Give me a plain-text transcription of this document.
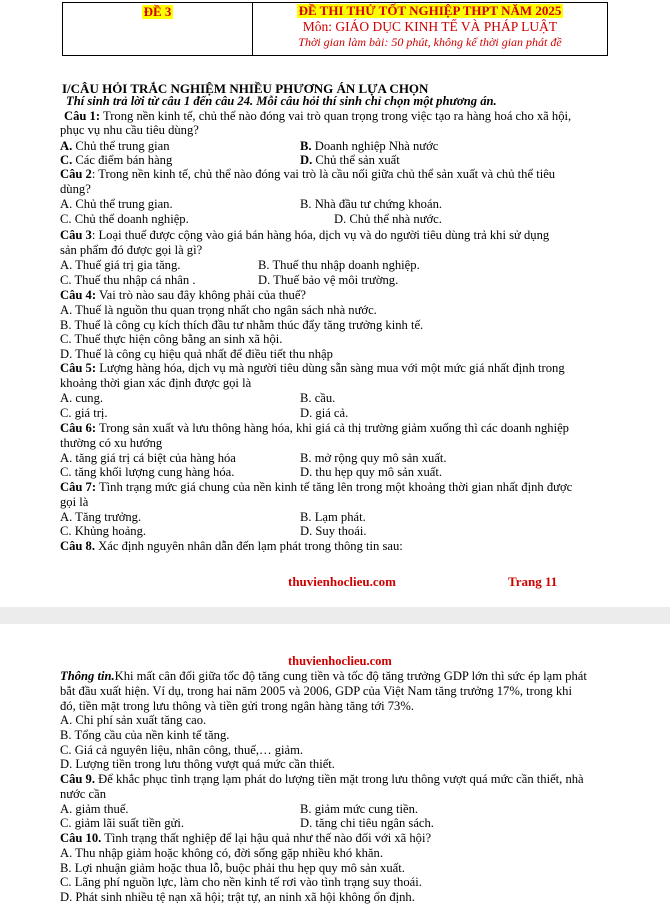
ĐỀ 3	ĐỀ THI THỬ TỐT NGHIỆP THPT NĂM 2025
Môn: GIÁO DỤC KINH TẾ VÀ PHÁP LUẬT
Thời gian làm bài: 50 phút, không kể thời gian phát đề
I/CÂU HỎI TRẮC NGHIỆM NHIỀU PHƯƠNG ÁN LỰA CHỌN
Thí sinh trả lời từ câu 1 đến câu 24. Mỗi câu hỏi thí sinh chỉ chọn một phương án.
Câu 1: Trong nền kinh tế, chủ thể nào đóng vai trò quan trọng trong việc tạo ra hàng hoá cho xã hội,
phục vụ nhu cầu tiêu dùng?
A. Chủ thể trung gian	B. Doanh nghiệp Nhà nước
C. Các điểm bán hàng	D. Chủ thể sản xuất
Câu 2: Trong nền kinh tế, chủ thể nào đóng vai trò là cầu nối giữa chủ thể sản xuất và chủ thể tiêu
dùng?
A. Chủ thể trung gian.	B. Nhà đầu tư chứng khoán.
C. Chủ thể doanh nghiệp.	D. Chủ thể nhà nước.
Câu 3: Loại thuế được cộng vào giá bán hàng hóa, dịch vụ và do người tiêu dùng trả khi sử dụng
sản phẩm đó được gọi là gì?
A. Thuế giá trị gia tăng.	B. Thuế thu nhập doanh nghiệp.
C. Thuế thu nhập cá nhân .	D. Thuế bảo vệ môi trường.
Câu 4: Vai trò nào sau đây không phải của thuế?
A. Thuế là nguồn thu quan trọng nhất cho ngân sách nhà nước.
B. Thuế là công cụ kích thích đầu tư nhằm thúc đẩy tăng trưởng kinh tế.
C. Thuế thực hiện công bằng an sinh xã hội.
D. Thuế là công cụ hiệu quả nhất để điều tiết thu nhập
Câu 5: Lượng hàng hóa, dịch vụ mà người tiêu dùng sẵn sàng mua với một mức giá nhất định trong
khoảng thời gian xác định được gọi là
A. cung.	B. cầu.
C. giá trị.	D. giá cả.
Câu 6: Trong sản xuất và lưu thông hàng hóa, khi giá cả thị trường giảm xuống thì các doanh nghiệp
thường có xu hướng
A. tăng giá trị cá biệt của hàng hóa	B. mở rộng quy mô sản xuất.
C. tăng khối lượng cung hàng hóa.	D. thu hẹp quy mô sản xuất.
Câu 7: Tình trạng mức giá chung của nền kinh tế tăng lên trong một khoảng thời gian nhất định được
gọi là
A. Tăng trưởng.	B. Lạm phát.
C. Khủng hoảng.	D. Suy thoái.
Câu 8. Xác định nguyên nhân dẫn đến lạm phát trong thông tin sau:
thuvienhoclieu.com	Trang 11
thuvienhoclieu.com
Thông tin.Khi mất cân đối giữa tốc độ tăng cung tiền và tốc độ tăng trưởng GDP lớn thì sức ép lạm phát
bắt đầu xuất hiện. Ví dụ, trong hai năm 2005 và 2006, GDP của Việt Nam tăng trưởng 17%, trong khi
đó, tiền mặt trong lưu thông và tiền gửi trong ngân hàng tăng tới 73%.
A. Chi phí sản xuất tăng cao.
B. Tổng cầu của nền kinh tế tăng.
C. Giá cả nguyên liệu, nhân công, thuế,… giảm.
D. Lượng tiền trong lưu thông vượt quá mức cần thiết.
Câu 9. Để khắc phục tình trạng lạm phát do lượng tiền mặt trong lưu thông vượt quá mức cần thiết, nhà
nước cần
A. giảm thuế.	B. giảm mức cung tiền.
C. giảm lãi suất tiền gửi.	D. tăng chi tiêu ngân sách.
Câu 10. Tình trạng thất nghiệp để lại hậu quả như thế nào đối với xã hội?
A. Thu nhập giảm hoặc không có, đời sống gặp nhiều khó khăn.
B. Lợi nhuận giảm hoặc thua lỗ, buộc phải thu hẹp quy mô sản xuất.
C. Lãng phí nguồn lực, làm cho nền kinh tế rơi vào tình trạng suy thoái.
D. Phát sinh nhiều tệ nạn xã hội; trật tự, an ninh xã hội không ổn định.
